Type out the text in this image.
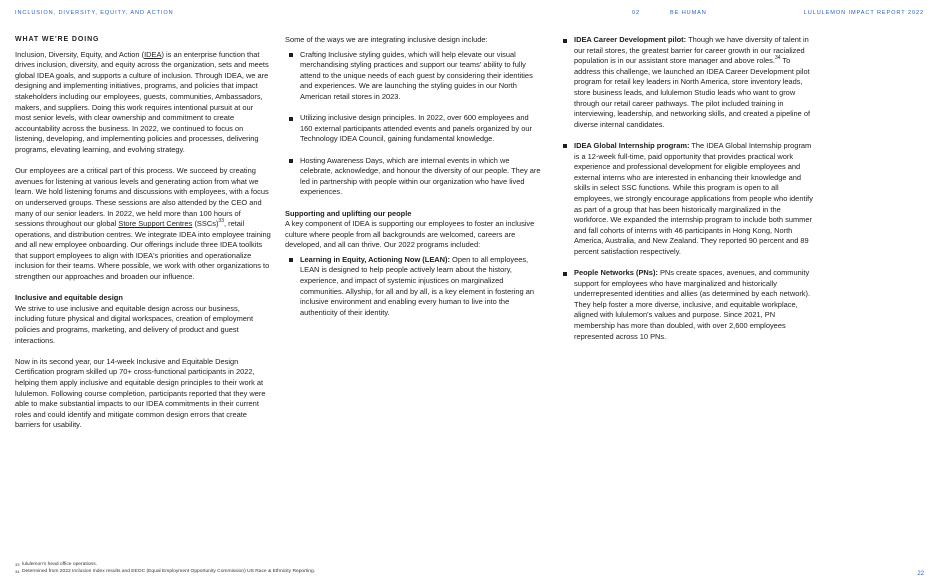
INCLUSION, DIVERSITY, EQUITY, AND ACTION	02	BE HUMAN	LULULEMON IMPACT REPORT 2022

WHAT WE'RE DOING

Inclusion, Diversity, Equity, and Action (IDEA) is an enterprise function that drives inclusion, diversity, and equity across the organization, sets and meets global IDEA goals, and supports a culture of inclusion. Through IDEA, we are designing and implementing initiatives, programs, and policies that impact stakeholders including our employees, guests, communities, Ambassadors, makers, and suppliers. Doing this work requires intentional pursuit at our most senior levels, with clear ownership and commitment to create accountability across the business. In 2022, we continued to focus on listening, developing, and implementing policies and processes, delivering programs, elevating learning, and evolving strategy.

Our employees are a critical part of this process. We succeed by creating avenues for listening at various levels and generating action from what we learn. We hold listening forums and discussions with employees, with a focus on underserved groups. These sessions are also attended by the CEO and many of our senior leaders. In 2022, we held more than 100 hours of sessions throughout our global Store Support Centres (SSCs)$^{33}$, retail operations, and distribution centres. We integrate IDEA into employee training and all new employee onboarding. Our offerings include three IDEA toolkits that support employees to align with IDEA's priorities and operationalize inclusion for their teams. Where possible, we work with other organizations to strengthen our approaches and broaden our influence.

Inclusive and equitable design

We strive to use inclusive and equitable design across our business, including future physical and digital workspaces, creation of employment policies and programs, marketing, and delivery of product and guest interactions.

Now in its second year, our 14-week Inclusive and Equitable Design Certification program skilled up 70+ cross-functional participants in 2022, helping them apply inclusive and equitable design principles to their work at lululemon. Following course completion, participants reported that they were able to make substantial impacts to our IDEA commitments in their current roles and could identify and mitigate common design errors that create barriers for usability.

Some of the ways we are integrating inclusive design include:

Crafting Inclusive styling guides, which will help elevate our visual merchandising styling practices and support our teams' ability to fully attend to the unique needs of each guest by considering their identities and experiences. We are launching the styling guides in our North American retail stores in 2023.
Utilizing inclusive design principles. In 2022, over 600 employees and 160 external participants attended events and panels organized by our Technology IDEA Council, gaining fundamental knowledge.
Hosting Awareness Days, which are internal events in which we celebrate, acknowledge, and honour the diversity of our people. They are led in partnership with people within our organization who have lived experiences.

Supporting and uplifting our people

A key component of IDEA is supporting our employees to foster an inclusive culture where people from all backgrounds are welcomed, careers are developed, and all can thrive. Our 2022 programs included:

Learning in Equity, Actioning Now (LEAN): Open to all employees, LEAN is designed to help people actively learn about the history, experience, and impact of systemic injustices on marginalized communities. Allyship, for all and by all, is a key element in fostering an inclusive environment and enabling every human to live into the authenticity of their identity.
IDEA Career Development pilot: Though we have diversity of talent in our retail stores, the greatest barrier for career growth in our racialized population is in our assistant store manager and above roles.$^{34}$ To address this challenge, we launched an IDEA Career Development pilot program for retail key leaders in North America, store inventory leads, store business leads, and lululemon Studio leads who want to grow through our retail career pathways. The pilot included training in interviewing, leadership, and networking skills, and created a pipeline of diverse internal candidates.
IDEA Global Internship program: The IDEA Global Internship program is a 12-week full-time, paid opportunity that provides practical work experience and professional development for eligible employees and external interns who are interested in enhancing their knowledge and skills in select SSC functions. While this program is open to all employees, we strongly encourage applications from people who identify as part of a group that has been historically marginalized in the workforce. We expanded the internship program to include both summer and fall cohorts of interns with 46 participants in Hong Kong, North America, Australia, and New Zealand. They reported 90 percent and 89 percent satisfaction respectively.
People Networks (PNs): PNs create spaces, avenues, and community support for employees who have marginalized and historically underrepresented identities and allies (as determined by each network). They help foster a more diverse, inclusive, and equitable workplace, aligned with lululemon's values and purpose. Since 2021, PN membership has more than doubled, with over 2,600 employees represented across 10 PNs.
33 lululemon's head office operations.
34 Determined from 2022 Inclusion Index results and EEOC (Equal Employment Opportunity Commission) US Race & Ethnicity Reporting.	22
